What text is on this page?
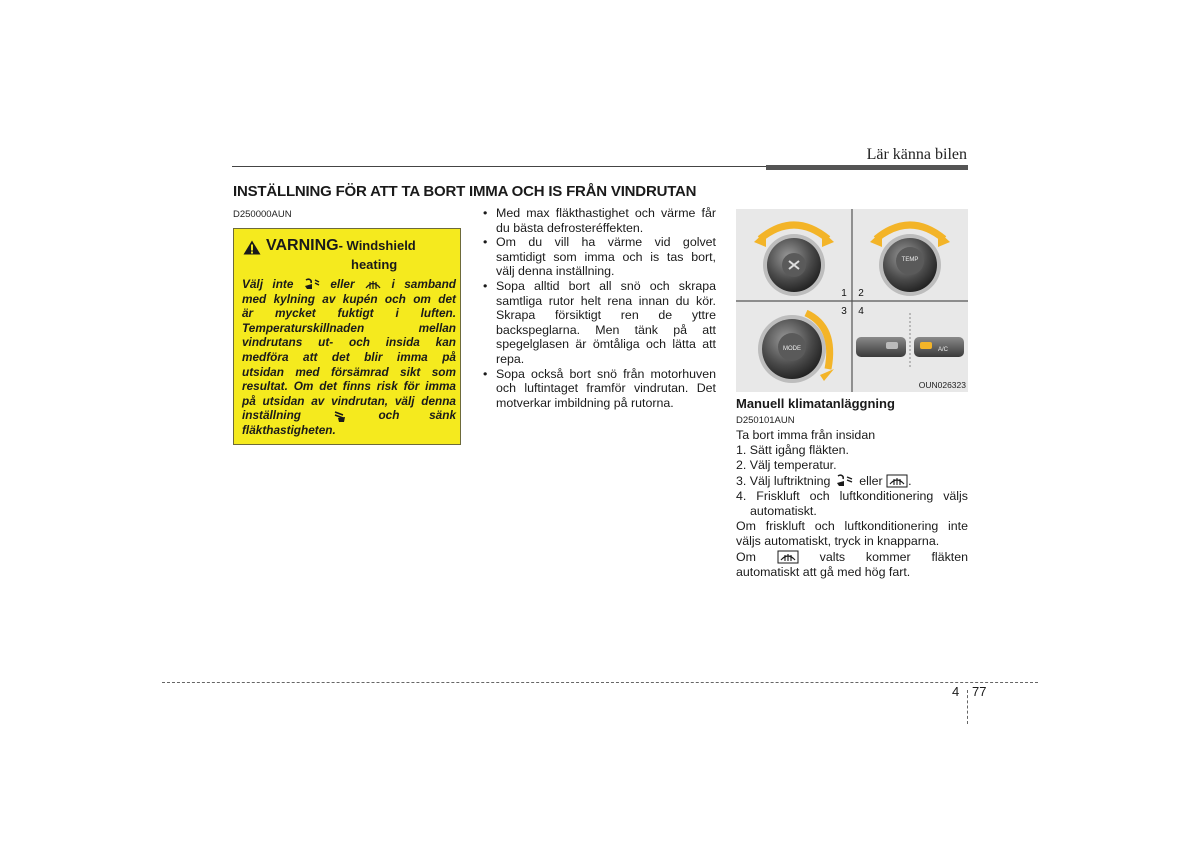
Lär känna bilen
INSTÄLLNING FÖR ATT TA BORT IMMA OCH IS FRÅN VINDRUTAN
D250000AUN
VARNING- Windshield
heating
Välj inte	eller	i samband
med kylning av kupén och om det
är mycket fuktigt i luften.
Temperaturskillnaden mellan
vindrutans ut- och insida kan
medföra att det blir imma på
utsidan med försämrad sikt som
resultat. Om det finns risk för imma
på utsidan av vindrutan, välj denna
inställning	och sänk
fläkthastigheten.
• Med max fläkthastighet och värme får
du bästa defrosteréffekten.
• Om du vill ha värme vid golvet
samtidigt som imma och is tas bort,
välj denna inställning.
• Sopa alltid bort all snö och skrapa
samtliga rutor helt rena innan du kör.
Skrapa försiktigt ren de yttre
backspeglarna. Men tänk på att
spegelglasen är ömtåliga och lätta att
repa.
• Sopa också bort snö från motorhuven
och luftintaget framför vindrutan. Det
motverkar imbildning på rutorna.
TEMP
MODE	A/C
1 2
3 4
OUN026323
Manuell klimatanläggning
D250101AUN
Ta bort imma från insidan
1. Sätt igång fläkten.
2. Välj temperatur.
3. Välj luftriktning eller .
4. Friskluft och luftkonditionering väljs
automatiskt.
Om friskluft och luftkonditionering inte
väljs automatiskt, tryck in knapparna.
Om	valts kommer fläkten
automatiskt att gå med hög fart.
4 77
